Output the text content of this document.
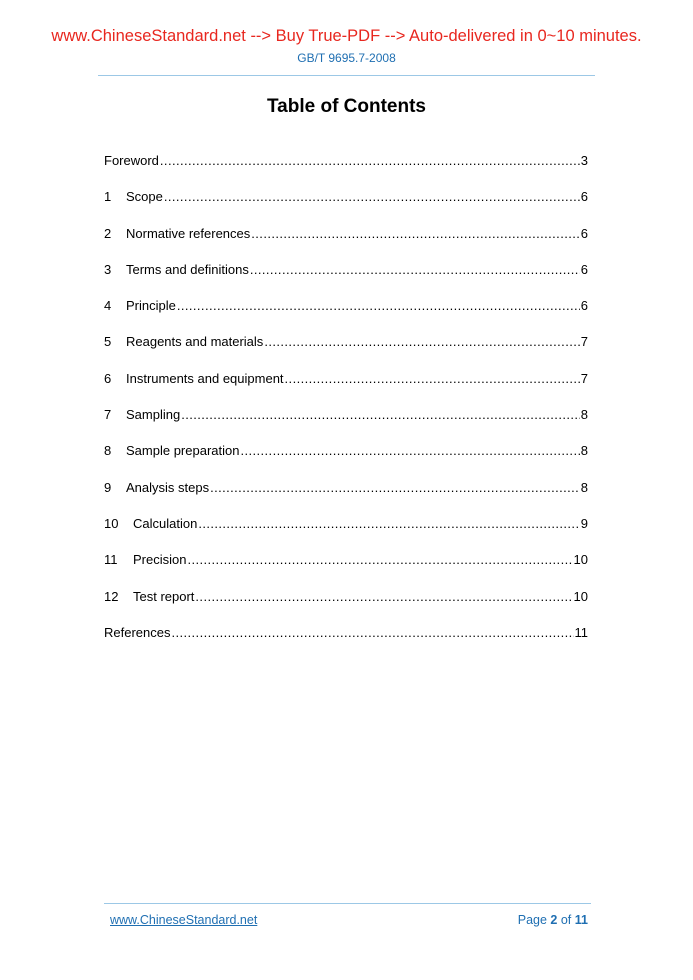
www.ChineseStandard.net --> Buy True-PDF --> Auto-delivered in 0~10 minutes.
GB/T 9695.7-2008
Table of Contents
Foreword .....	3
1	Scope .....	6
2	Normative references .....	6
3	Terms and definitions .....	6
4	Principle .....	6
5	Reagents and materials .....	7
6	Instruments and equipment .....	7
7	Sampling .....	8
8	Sample preparation .....	8
9	Analysis steps .....	8
10	Calculation .....	9
11	Precision .....	10
12	Test report .....	10
References .....	11
www.ChineseStandard.net	Page 2 of 11
